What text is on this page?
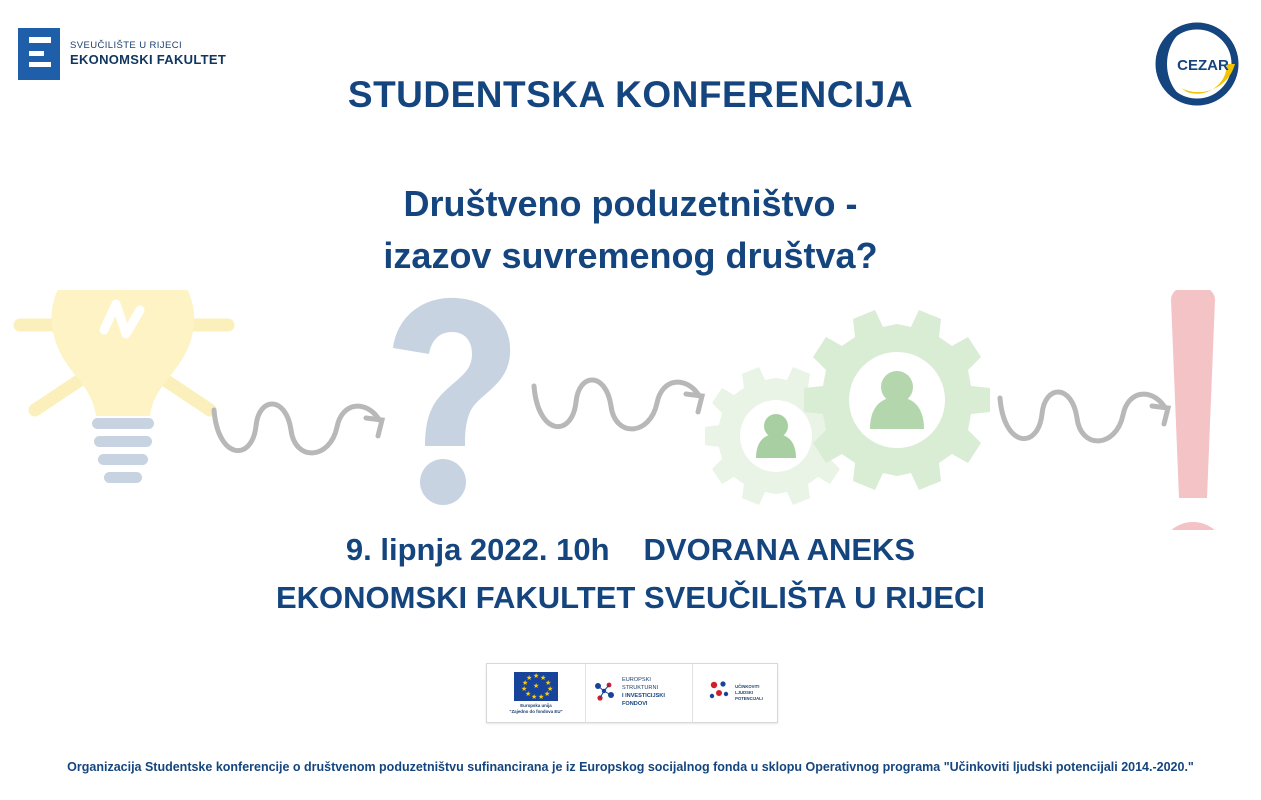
SVEUČILIŠTE U RIJECI
EKONOMSKI FAKULTET	CEZAR
STUDENTSKA KONFERENCIJA
Društveno poduzetništvo -
izazov suvremenog društva?
9. lipnja 2022. 10h DVORANA ANEKS
EKONOMSKI FAKULTET SVEUČILIŠTA U RIJECI
★
★
★
★
★
★
★
★
★
★
★
★
Europska unija
"Zajedno do fondova EU"
EUROPSKI STRUKTURNI
I INVESTICIJSKI FONDOVI
UČINKOVITI
LJUDSKI
POTENCIJALI
Organizacija Studentske konferencije o društvenom poduzetništvu sufinancirana je iz Europskog socijalnog fonda u sklopu Operativnog programa "Učinkoviti ljudski potencijali 2014.-2020."
